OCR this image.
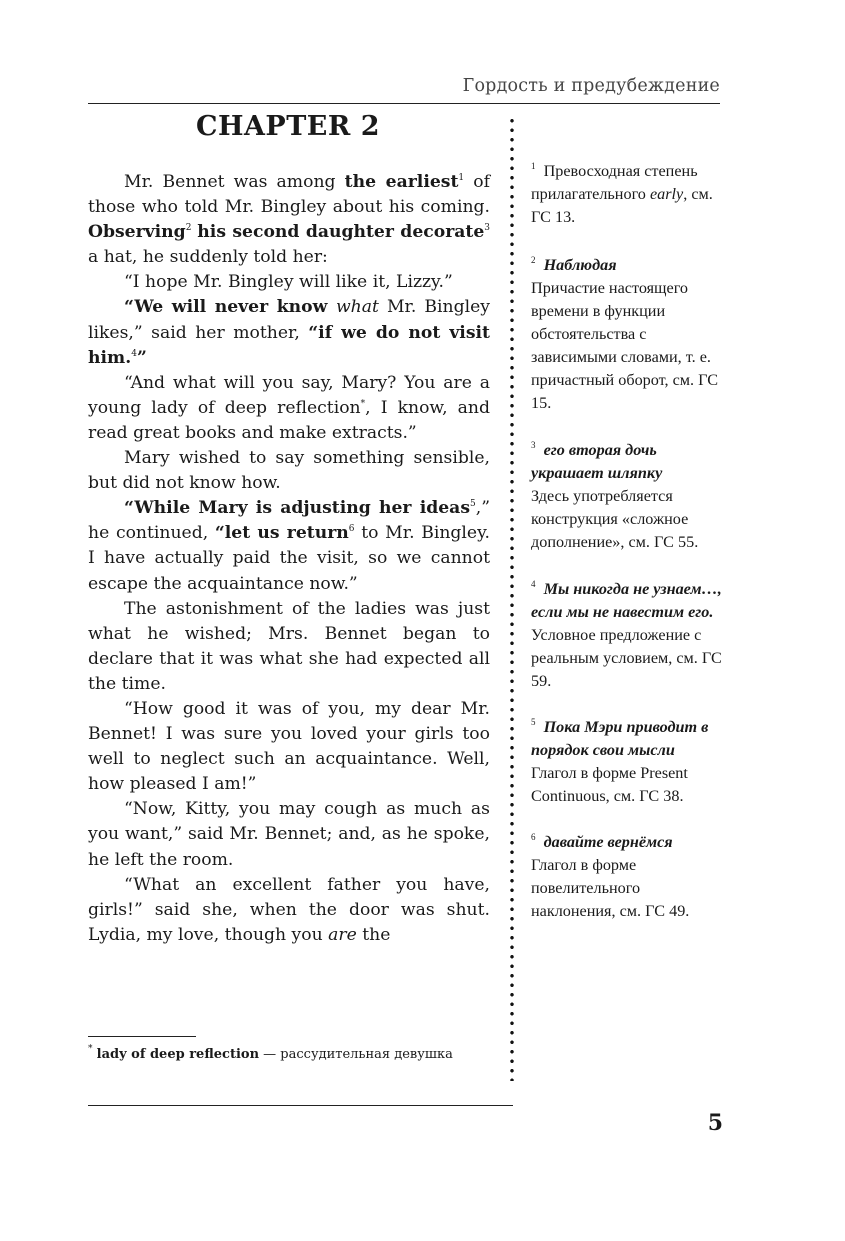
Гордость и предубеждение
CHAPTER 2

Mr. Bennet was among the earliest$^1$ of those who told Mr. Bingley about his coming. Observing$^2$ his second daughter decorate$^3$ a hat, he suddenly told her:

“I hope Mr. Bingley will like it, Lizzy.”

“We will never know what Mr. Bingley likes,” said her mother, “if we do not visit him.$^4$”

“And what will you say, Mary? You are a young lady of deep reflection*, I know, and read great books and make extracts.”

Mary wished to say something sensible, but did not know how.

“While Mary is adjusting her ideas$^5$,” he continued, “let us return$^6$ to Mr. Bingley. I have actually paid the visit, so we cannot escape the acquaintance now.”

The astonishment of the ladies was just what he wished; Mrs. Bennet began to declare that it was what she had expected all the time.

“How good it was of you, my dear Mr. Bennet! I was sure you loved your girls too well to neglect such an acquaintance. Well, how pleased I am!”

“Now, Kitty, you may cough as much as you want,” said Mr. Bennet; and, as he spoke, he left the room.

“What an excellent father you have, girls!” said she, when the door was shut. Lydia, my love, though you are the

* lady of deep reflection — рассудительная девушка

$^1$ Превосходная степень прилагательного early, см. ГС 13.

$^2$ Наблюдая
Причастие настоящего времени в функции обстоятельства с зависимыми словами, т. е. причастный оборот, см. ГС 15.

$^3$ его вторая дочь украшает шляпку
Здесь употребляется конструкция «сложное дополнение», см. ГС 55.

$^4$ Мы никогда не узнаем…, если мы не навестим его.
Условное предложение с реальным условием, см. ГС 59.

$^5$ Пока Мэри приводит в порядок свои мысли
Глагол в форме Present Continuous, см. ГС 38.

$^6$ давайте вернёмся
Глагол в форме повелительного наклонения, см. ГС 49.

5
